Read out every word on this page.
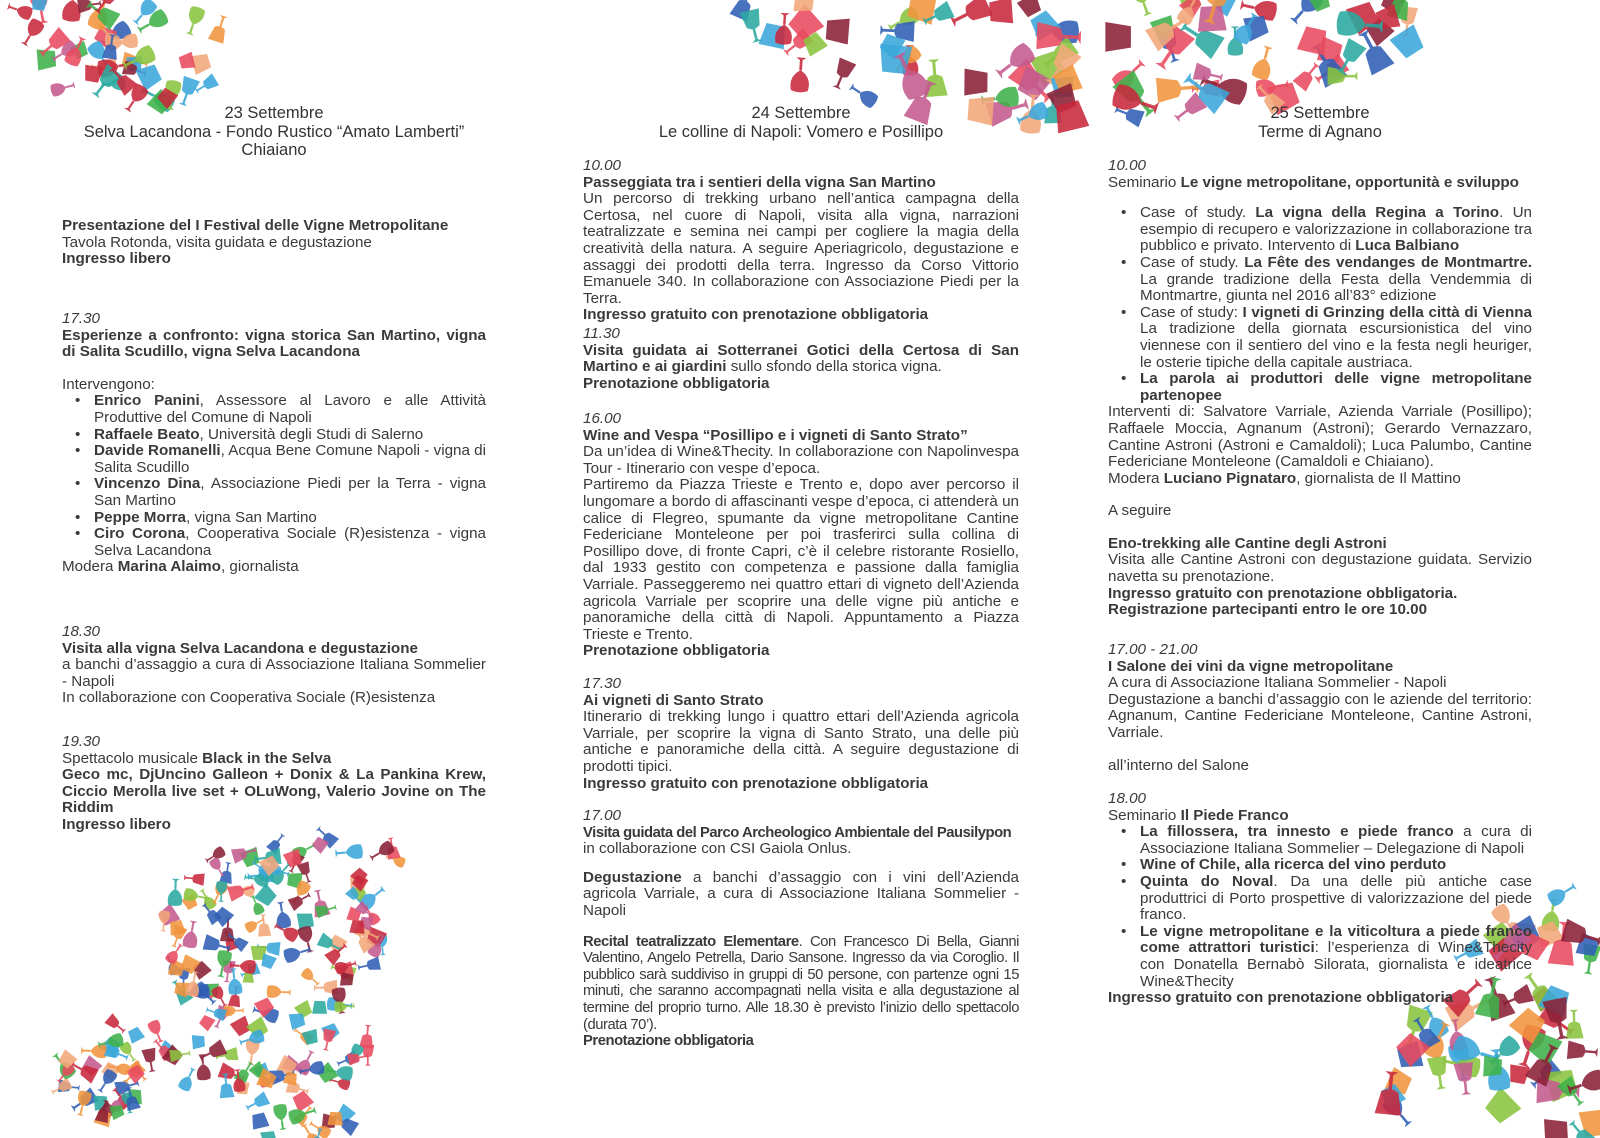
23 Settembre
Selva Lacandona - Fondo Rustico “Amato Lamberti”
Chiaiano
Presentazione del I Festival delle Vigne Metropolitane
Tavola Rotonda, visita guidata e degustazione
Ingresso libero
17.30
Esperienze a confronto: vigna storica San Martino, vigna di Salita Scudillo, vigna Selva Lacandona
Intervengono:
• Enrico Panini, Assessore al Lavoro e alle Attività Produttive del Comune di Napoli
• Raffaele Beato, Università degli Studi di Salerno
• Davide Romanelli, Acqua Bene Comune Napoli - vigna di Salita Scudillo
• Vincenzo Dina, Associazione Piedi per la Terra - vigna San Martino
• Peppe Morra, vigna San Martino
• Ciro Corona, Cooperativa Sociale (R)esistenza - vigna Selva Lacandona
Modera Marina Alaimo, giornalista
18.30
Visita alla vigna Selva Lacandona e degustazione
a banchi d’assaggio a cura di Associazione Italiana Sommelier - Napoli
In collaborazione con Cooperativa Sociale (R)esistenza
19.30
Spettacolo musicale Black in the Selva
Geco mc, DjUncino Galleon + Donix & La Pankina Krew, Ciccio Merolla live set + OLuWong, Valerio Jovine on The Riddim
Ingresso libero
24 Settembre
Le colline di Napoli: Vomero e Posillipo
10.00
Passeggiata tra i sentieri della vigna San Martino
Un percorso di trekking urbano nell’antica campagna della Certosa, nel cuore di Napoli, visita alla vigna, narrazioni teatralizzate e semina nei campi per cogliere la magia della creatività della natura. A seguire Aperiagricolo, degustazione e assaggi dei prodotti della terra. Ingresso da Corso Vittorio Emanuele 340. In collaborazione con Associazione Piedi per la Terra.
Ingresso gratuito con prenotazione obbligatoria
11.30
Visita guidata ai Sotterranei Gotici della Certosa di San Martino e ai giardini sullo sfondo della storica vigna.
Prenotazione obbligatoria
16.00
Wine and Vespa “Posillipo e i vigneti di Santo Strato”
Da un’idea di Wine&Thecity. In collaborazione con Napolinvespa Tour - Itinerario con vespe d’epoca.
Partiremo da Piazza Trieste e Trento e, dopo aver percorso il lungomare a bordo di affascinanti vespe d’epoca, ci attenderà un calice di Flegreo, spumante da vigne metropolitane Cantine Federiciane Monteleone per poi trasferirci sulla collina di Posillipo dove, di fronte Capri, c’è il celebre ristorante Rosiello, dal 1933 gestito con competenza e passione dalla famiglia Varriale. Passeggeremo nei quattro ettari di vigneto dell’Azienda agricola Varriale per scoprire una delle vigne più antiche e panoramiche della città di Napoli. Appuntamento a Piazza Trieste e Trento.
Prenotazione obbligatoria
17.30
Ai vigneti di Santo Strato
Itinerario di trekking lungo i quattro ettari dell’Azienda agricola Varriale, per scoprire la vigna di Santo Strato, una delle più antiche e panoramiche della città. A seguire degustazione di prodotti tipici.
Ingresso gratuito con prenotazione obbligatoria
17.00
Visita guidata del Parco Archeologico Ambientale del Pausilypon
in collaborazione con CSI Gaiola Onlus.
Degustazione a banchi d’assaggio con i vini dell’Azienda agricola Varriale, a cura di Associazione Italiana Sommelier - Napoli
Recital teatralizzato Elementare. Con Francesco Di Bella, Gianni Valentino, Angelo Petrella, Dario Sansone. Ingresso da via Coroglio. Il pubblico sarà suddiviso in gruppi di 50 persone, con partenze ogni 15 minuti, che saranno accompagnati nella visita e alla degustazione al termine del proprio turno. Alle 18.30 è previsto l’inizio dello spettacolo (durata 70’).
Prenotazione obbligatoria
25 Settembre
Terme di Agnano
10.00
Seminario Le vigne metropolitane, opportunità e sviluppo
• Case of study. La vigna della Regina a Torino. Un esempio di recupero e valorizzazione in collaborazione tra pubblico e privato. Intervento di Luca Balbiano
• Case of study. La Fête des vendanges de Montmartre. La grande tradizione della Festa della Vendemmia di Montmartre, giunta nel 2016 all’83° edizione
• Case of study: I vigneti di Grinzing della città di Vienna La tradizione della giornata escursionistica del vino viennese con il sentiero del vino e la festa negli heuriger, le osterie tipiche della capitale austriaca.
• La parola ai produttori delle vigne metropolitane partenopee
Interventi di: Salvatore Varriale, Azienda Varriale (Posillipo); Raffaele Moccia, Agnanum (Astroni); Gerardo Vernazzaro, Cantine Astroni (Astroni e Camaldoli); Luca Palumbo, Cantine Federiciane Monteleone (Camaldoli e Chiaiano).
Modera Luciano Pignataro, giornalista de Il Mattino
A seguire
Eno-trekking alle Cantine degli Astroni
Visita alle Cantine Astroni con degustazione guidata. Servizio navetta su prenotazione.
Ingresso gratuito con prenotazione obbligatoria.
Registrazione partecipanti entro le ore 10.00
17.00 - 21.00
I Salone dei vini da vigne metropolitane
A cura di Associazione Italiana Sommelier - Napoli
Degustazione a banchi d’assaggio con le aziende del territorio: Agnanum, Cantine Federiciane Monteleone, Cantine Astroni, Varriale.
all’interno del Salone
18.00
Seminario Il Piede Franco
• La fillossera, tra innesto e piede franco a cura di Associazione Italiana Sommelier – Delegazione di Napoli
• Wine of Chile, alla ricerca del vino perduto
• Quinta do Noval. Da una delle più antiche case produttrici di Porto prospettive di valorizzazione del piede franco.
• Le vigne metropolitane e la viticoltura a piede franco come attrattori turistici: l’esperienza di Wine&Thecity con Donatella Bernabò Silorata, giornalista e ideatrice Wine&Thecity
Ingresso gratuito con prenotazione obbligatoria
